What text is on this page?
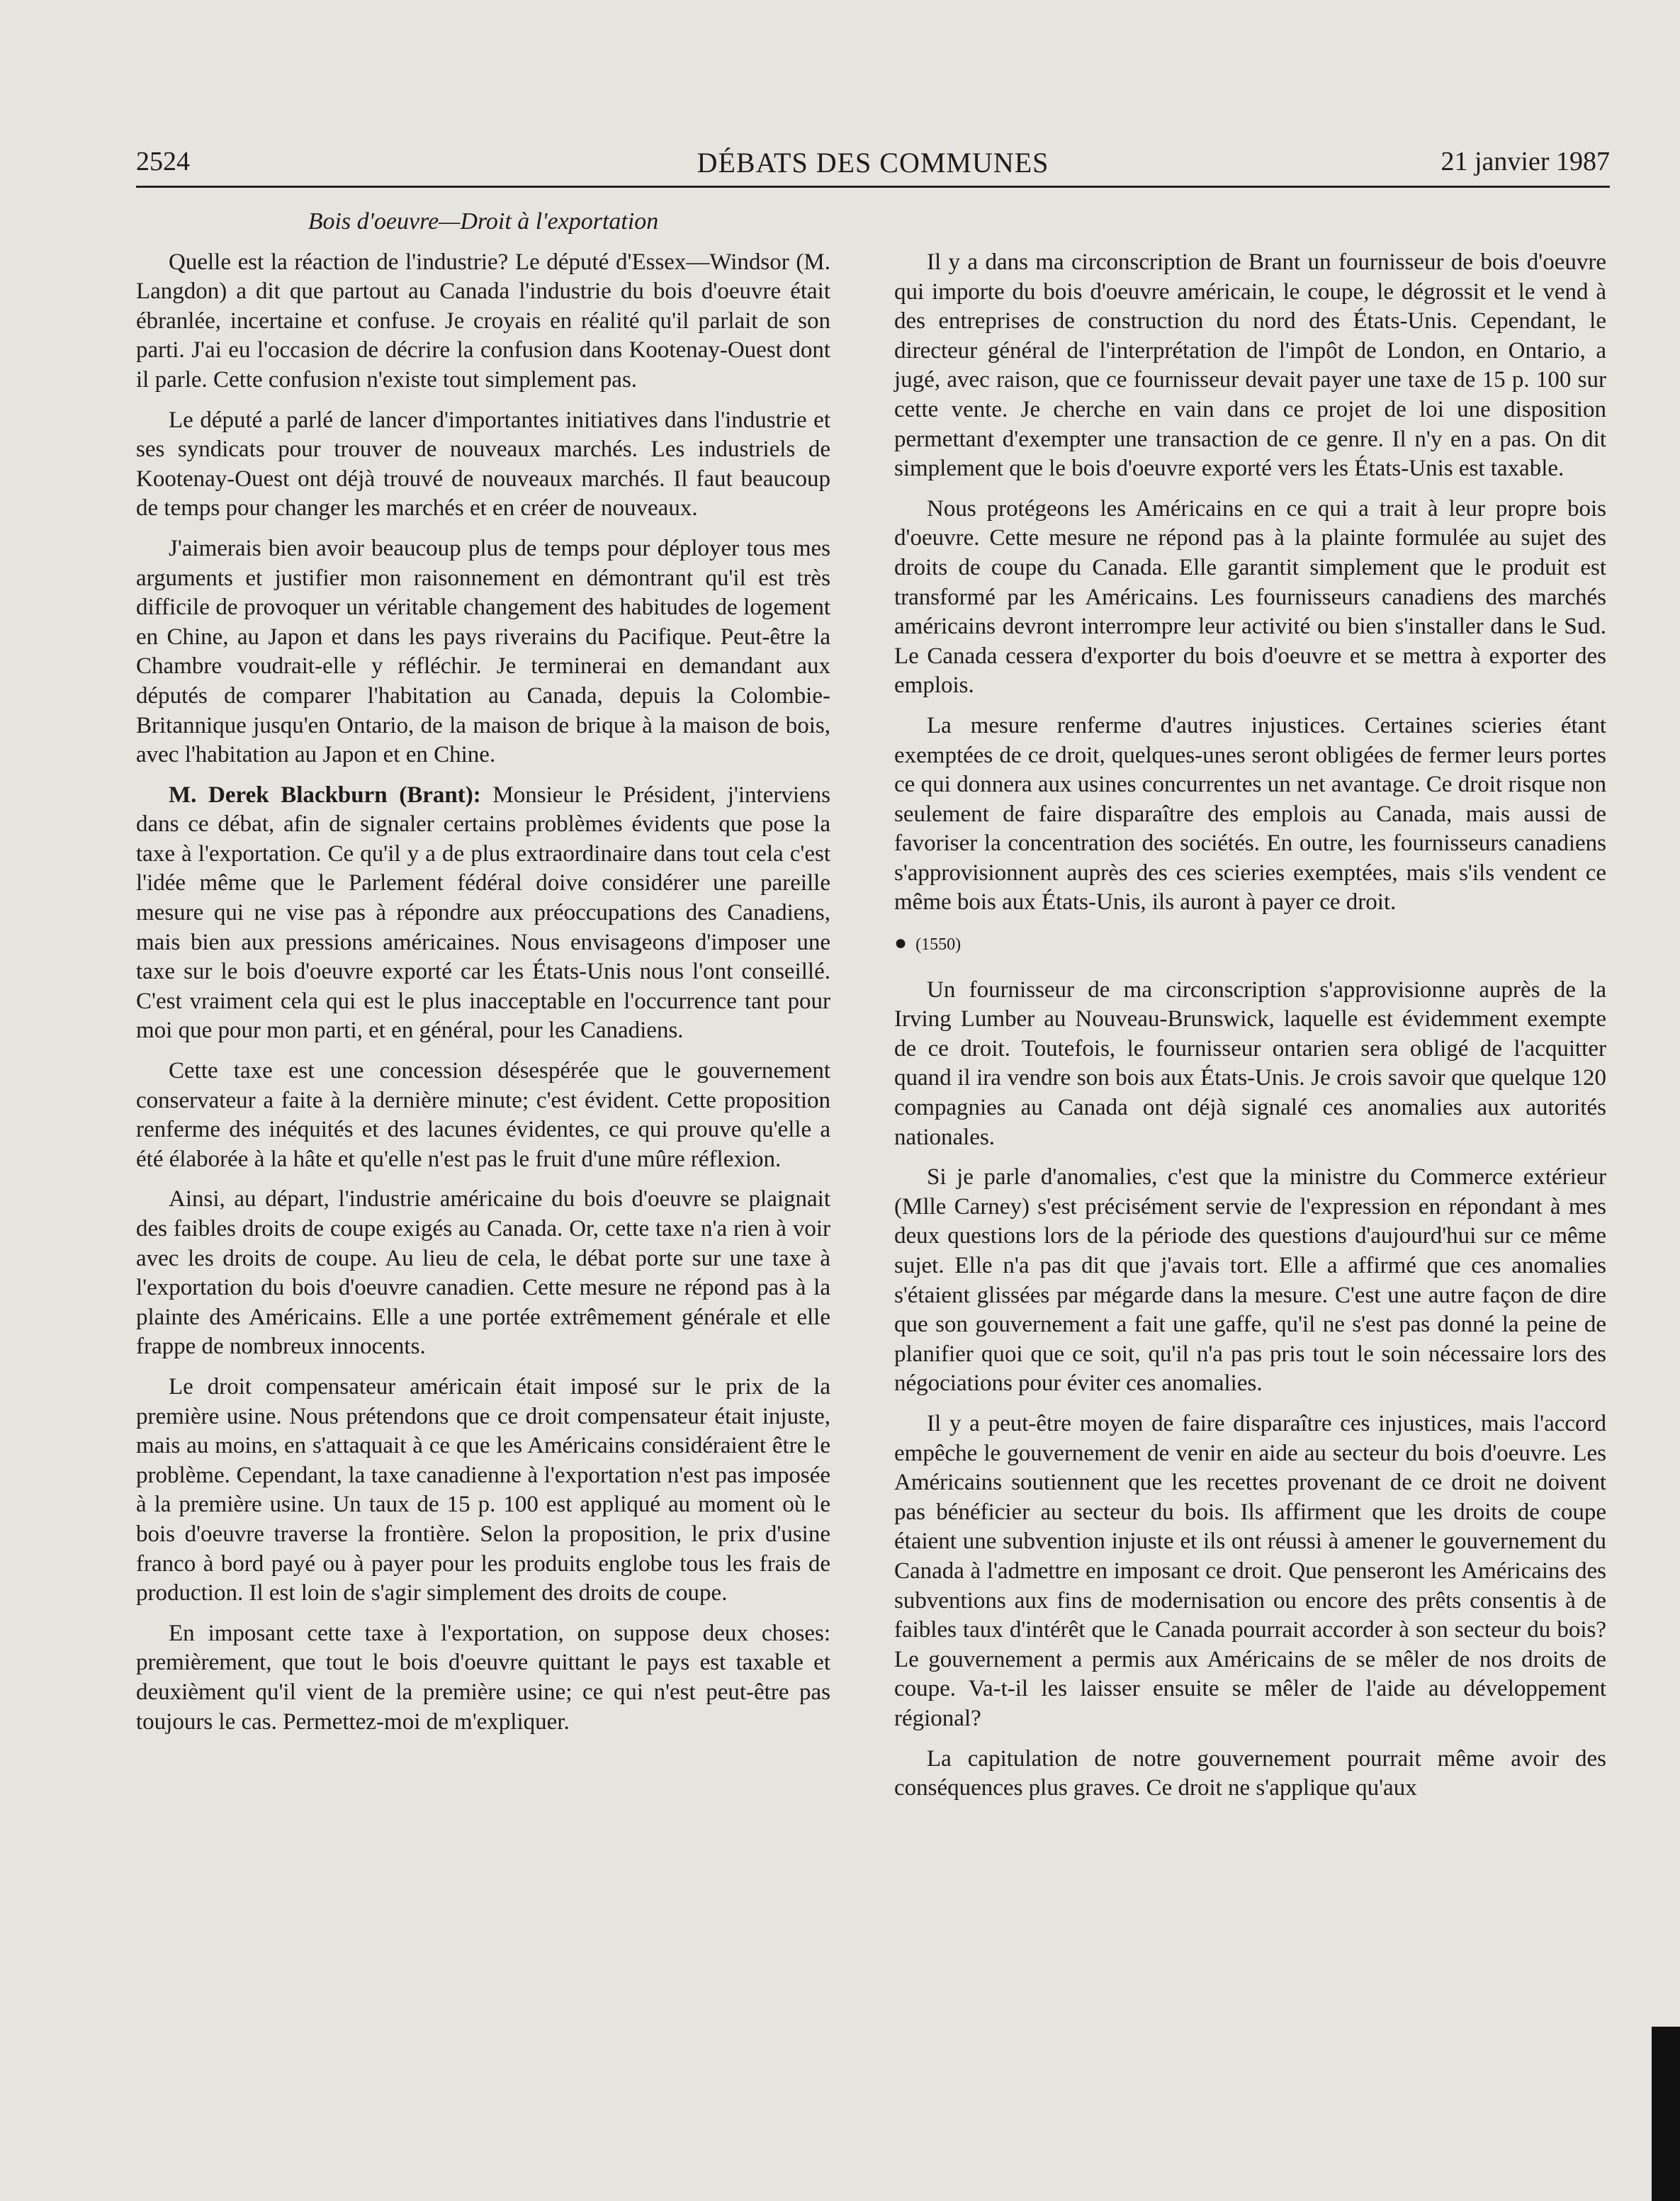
2524	DÉBATS DES COMMUNES	21 janvier 1987
Bois d'oeuvre—Droit à l'exportation

Quelle est la réaction de l'industrie? Le député d'Essex—Windsor (M. Langdon) a dit que partout au Canada l'industrie du bois d'oeuvre était ébranlée, incertaine et confuse. Je croyais en réalité qu'il parlait de son parti. J'ai eu l'occasion de décrire la confusion dans Kootenay-Ouest dont il parle. Cette confusion n'existe tout simplement pas.

Le député a parlé de lancer d'importantes initiatives dans l'industrie et ses syndicats pour trouver de nouveaux marchés. Les industriels de Kootenay-Ouest ont déjà trouvé de nouveaux marchés. Il faut beaucoup de temps pour changer les marchés et en créer de nouveaux.

J'aimerais bien avoir beaucoup plus de temps pour déployer tous mes arguments et justifier mon raisonnement en démontrant qu'il est très difficile de provoquer un véritable changement des habitudes de logement en Chine, au Japon et dans les pays riverains du Pacifique. Peut-être la Chambre voudrait-elle y réfléchir. Je terminerai en demandant aux députés de comparer l'habitation au Canada, depuis la Colombie-Britannique jusqu'en Ontario, de la maison de brique à la maison de bois, avec l'habitation au Japon et en Chine.

M. Derek Blackburn (Brant): Monsieur le Président, j'interviens dans ce débat, afin de signaler certains problèmes évidents que pose la taxe à l'exportation. Ce qu'il y a de plus extraordinaire dans tout cela c'est l'idée même que le Parlement fédéral doive considérer une pareille mesure qui ne vise pas à répondre aux préoccupations des Canadiens, mais bien aux pressions américaines. Nous envisageons d'imposer une taxe sur le bois d'oeuvre exporté car les États-Unis nous l'ont conseillé. C'est vraiment cela qui est le plus inacceptable en l'occurrence tant pour moi que pour mon parti, et en général, pour les Canadiens.

Cette taxe est une concession désespérée que le gouvernement conservateur a faite à la dernière minute; c'est évident. Cette proposition renferme des inéquités et des lacunes évidentes, ce qui prouve qu'elle a été élaborée à la hâte et qu'elle n'est pas le fruit d'une mûre réflexion.

Ainsi, au départ, l'industrie américaine du bois d'oeuvre se plaignait des faibles droits de coupe exigés au Canada. Or, cette taxe n'a rien à voir avec les droits de coupe. Au lieu de cela, le débat porte sur une taxe à l'exportation du bois d'oeuvre canadien. Cette mesure ne répond pas à la plainte des Américains. Elle a une portée extrêmement générale et elle frappe de nombreux innocents.

Le droit compensateur américain était imposé sur le prix de la première usine. Nous prétendons que ce droit compensateur était injuste, mais au moins, en s'attaquait à ce que les Américains considéraient être le problème. Cependant, la taxe canadienne à l'exportation n'est pas imposée à la première usine. Un taux de 15 p. 100 est appliqué au moment où le bois d'oeuvre traverse la frontière. Selon la proposition, le prix d'usine franco à bord payé ou à payer pour les produits englobe tous les frais de production. Il est loin de s'agir simplement des droits de coupe.

En imposant cette taxe à l'exportation, on suppose deux choses: premièrement, que tout le bois d'oeuvre quittant le pays est taxable et deuxièment qu'il vient de la première usine; ce qui n'est peut-être pas toujours le cas. Permettez-moi de m'expliquer.

Il y a dans ma circonscription de Brant un fournisseur de bois d'oeuvre qui importe du bois d'oeuvre américain, le coupe, le dégrossit et le vend à des entreprises de construction du nord des États-Unis. Cependant, le directeur général de l'interprétation de l'impôt de London, en Ontario, a jugé, avec raison, que ce fournisseur devait payer une taxe de 15 p. 100 sur cette vente. Je cherche en vain dans ce projet de loi une disposition permettant d'exempter une transaction de ce genre. Il n'y en a pas. On dit simplement que le bois d'oeuvre exporté vers les États-Unis est taxable.

Nous protégeons les Américains en ce qui a trait à leur propre bois d'oeuvre. Cette mesure ne répond pas à la plainte formulée au sujet des droits de coupe du Canada. Elle garantit simplement que le produit est transformé par les Américains. Les fournisseurs canadiens des marchés américains devront interrompre leur activité ou bien s'installer dans le Sud. Le Canada cessera d'exporter du bois d'oeuvre et se mettra à exporter des emplois.

La mesure renferme d'autres injustices. Certaines scieries étant exemptées de ce droit, quelques-unes seront obligées de fermer leurs portes ce qui donnera aux usines concurrentes un net avantage. Ce droit risque non seulement de faire disparaître des emplois au Canada, mais aussi de favoriser la concentration des sociétés. En outre, les fournisseurs canadiens s'approvisionnent auprès des ces scieries exemptées, mais s'ils vendent ce même bois aux États-Unis, ils auront à payer ce droit.

● (1550)

Un fournisseur de ma circonscription s'approvisionne auprès de la Irving Lumber au Nouveau-Brunswick, laquelle est évidemment exempte de ce droit. Toutefois, le fournisseur ontarien sera obligé de l'acquitter quand il ira vendre son bois aux États-Unis. Je crois savoir que quelque 120 compagnies au Canada ont déjà signalé ces anomalies aux autorités nationales.

Si je parle d'anomalies, c'est que la ministre du Commerce extérieur (Mlle Carney) s'est précisément servie de l'expression en répondant à mes deux questions lors de la période des questions d'aujourd'hui sur ce même sujet. Elle n'a pas dit que j'avais tort. Elle a affirmé que ces anomalies s'étaient glissées par mégarde dans la mesure. C'est une autre façon de dire que son gouvernement a fait une gaffe, qu'il ne s'est pas donné la peine de planifier quoi que ce soit, qu'il n'a pas pris tout le soin nécessaire lors des négociations pour éviter ces anomalies.

Il y a peut-être moyen de faire disparaître ces injustices, mais l'accord empêche le gouvernement de venir en aide au secteur du bois d'oeuvre. Les Américains soutiennent que les recettes provenant de ce droit ne doivent pas bénéficier au secteur du bois. Ils affirment que les droits de coupe étaient une subvention injuste et ils ont réussi à amener le gouvernement du Canada à l'admettre en imposant ce droit. Que penseront les Américains des subventions aux fins de modernisation ou encore des prêts consentis à de faibles taux d'intérêt que le Canada pourrait accorder à son secteur du bois? Le gouvernement a permis aux Américains de se mêler de nos droits de coupe. Va-t-il les laisser ensuite se mêler de l'aide au développement régional?

La capitulation de notre gouvernement pourrait même avoir des conséquences plus graves. Ce droit ne s'applique qu'aux
